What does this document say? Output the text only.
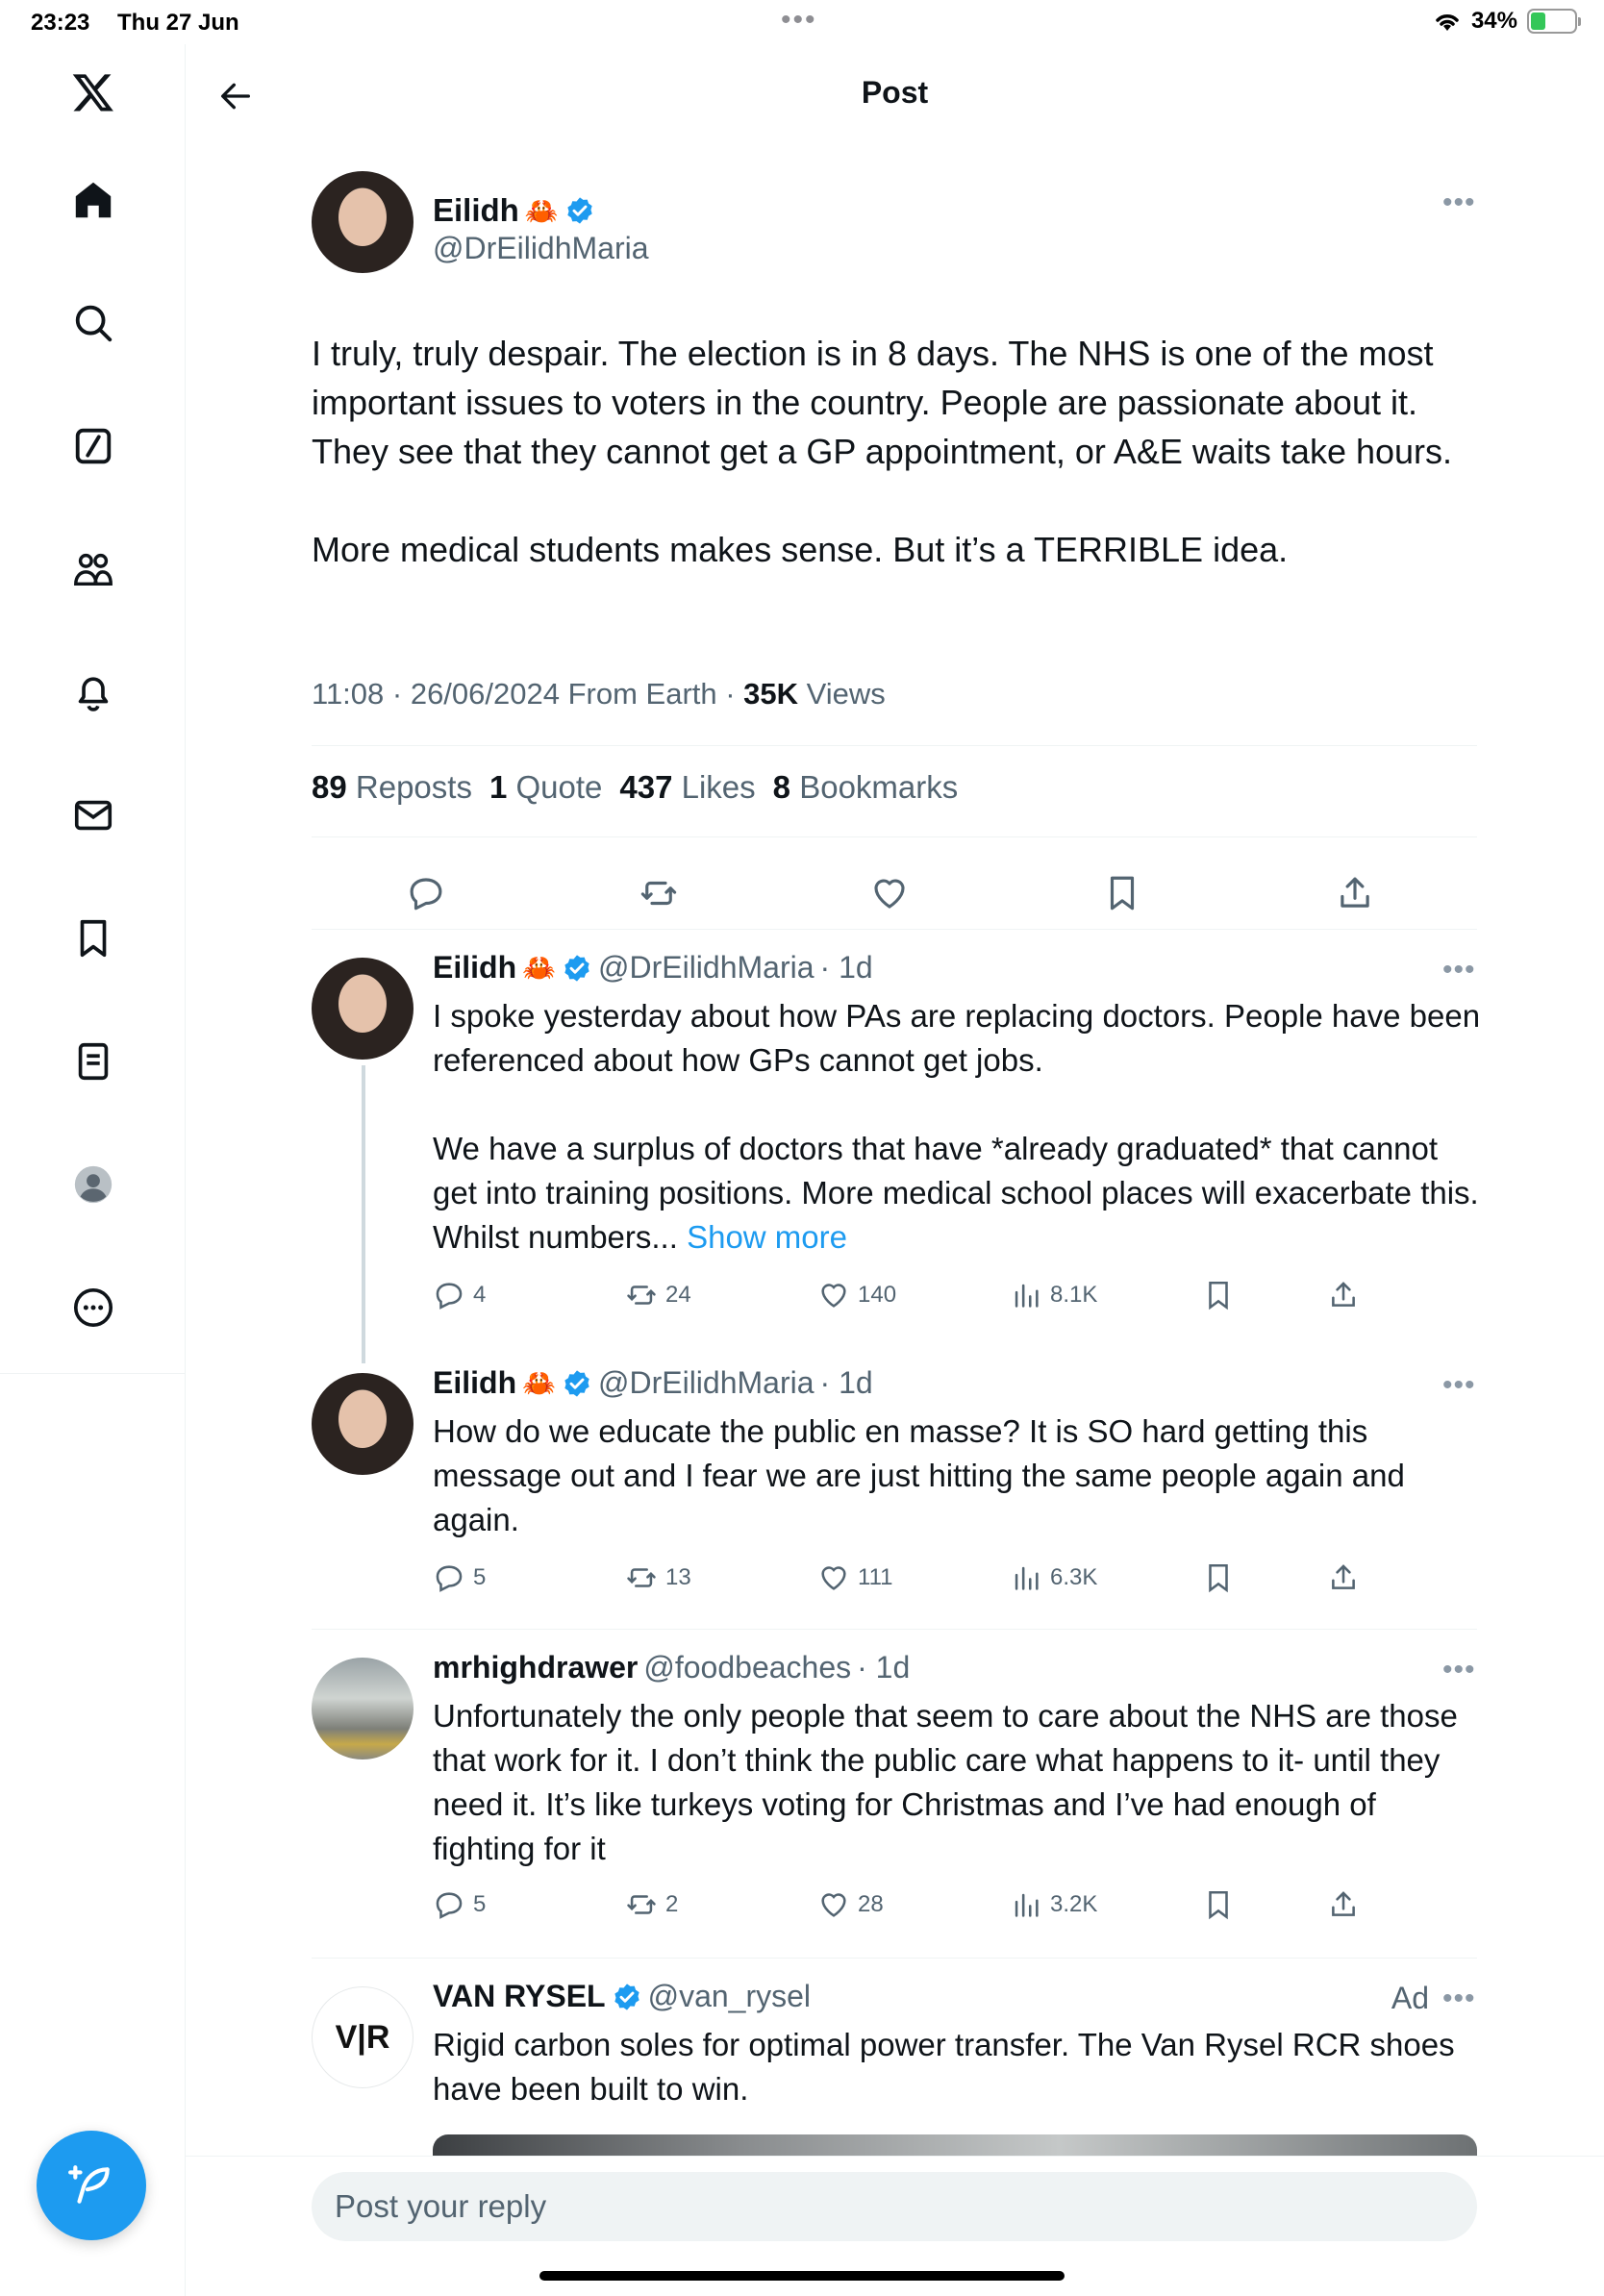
23:23 Thu 27 Jun	•••	34%
Post
Eilidh 🦀
@DrEilidhMaria
•••
I truly, truly despair. The election is in 8 days. The NHS is one of the most important issues to voters in the country. People are passionate about it. They see that they cannot get a GP appointment, or A&E waits take hours.

More medical students makes sense. But it’s a TERRIBLE idea.
11:08 · 26/06/2024 From Earth · 35K Views
89 Reposts 1 Quote 437 Likes 8 Bookmarks
Eilidh 🦀 @DrEilidhMaria · 1d	•••
I spoke yesterday about how PAs are replacing doctors. People have been referenced about how GPs cannot get jobs.

We have a surplus of doctors that have *already graduated* that cannot get into training positions. More medical school places will exacerbate this. Whilst numbers... Show more
4	24	140	8.1K
Eilidh 🦀 @DrEilidhMaria · 1d	•••
How do we educate the public en masse? It is SO hard getting this message out and I fear we are just hitting the same people again and again.
5	13	111	6.3K
mrhighdrawer @foodbeaches · 1d	•••
Unfortunately the only people that seem to care about the NHS are those that work for it. I don’t think the public care what happens to it- until they need it. It’s like turkeys voting for Christmas and I’ve had enough of fighting for it
5	2	28	3.2K
V|R
VAN RYSEL @van_rysel	Ad •••
Rigid carbon soles for optimal power transfer. The Van Rysel RCR shoes have been built to win.
Post your reply
